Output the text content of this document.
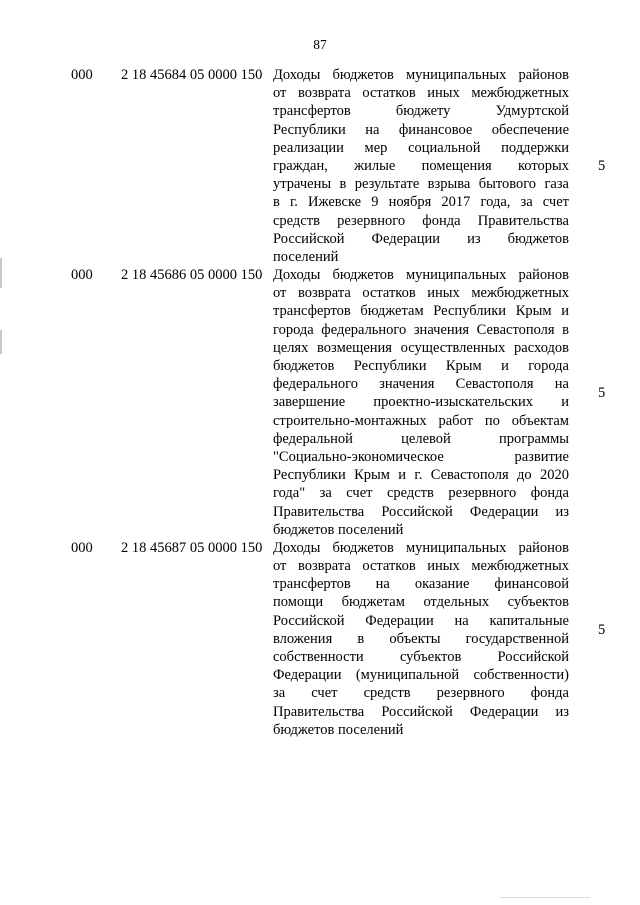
87
000	2 18 45684 05 0000 150 Доходы бюджетов муниципальных районов
от возврата остатков иных межбюджетных
трансфертов бюджету Удмуртской
Республики на финансовое обеспечение
реализации мер социальной поддержки
граждан, жилые помещения которых
утрачены в результате взрыва бытового газа
в г. Ижевске 9 ноября 2017 года, за счет
средств резервного фонда Правительства
Российской Федерации из бюджетов
поселений
5
000	2 18 45686 05 0000 150 Доходы бюджетов муниципальных районов
от возврата остатков иных межбюджетных
трансфертов бюджетам Республики Крым и
города федерального значения Севастополя в
целях возмещения осуществленных расходов
бюджетов Республики Крым и города
федерального значения Севастополя на
завершение проектно-изыскательских и
строительно-монтажных работ по объектам
федеральной целевой программы
"Социально-экономическое развитие
Республики Крым и г. Севастополя до 2020
года" за счет средств резервного фонда
Правительства Российской Федерации из
бюджетов поселений
5
000	2 18 45687 05 0000 150 Доходы бюджетов муниципальных районов
от возврата остатков иных межбюджетных
трансфертов на оказание финансовой
помощи бюджетам отдельных субъектов
Российской Федерации на капитальные
вложения в объекты государственной
собственности субъектов Российской
Федерации (муниципальной собственности)
за счет средств резервного фонда
Правительства Российской Федерации из
бюджетов поселений
5
